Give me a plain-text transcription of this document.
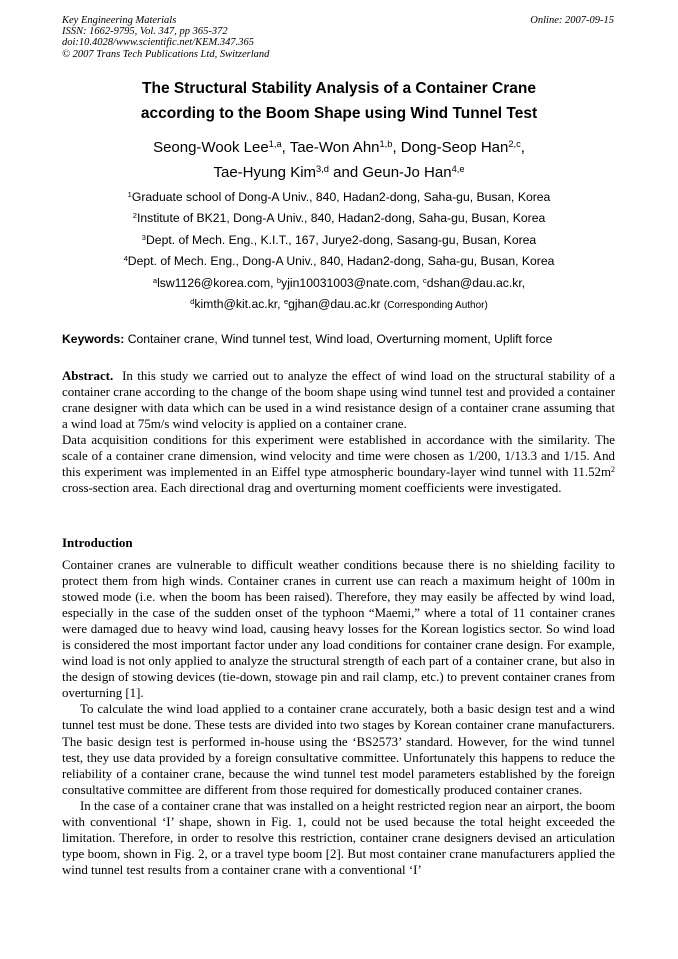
Key Engineering Materials
ISSN: 1662-9795, Vol. 347, pp 365-372
doi:10.4028/www.scientific.net/KEM.347.365
© 2007 Trans Tech Publications Ltd, Switzerland
Online: 2007-09-15
The Structural Stability Analysis of a Container Crane
according to the Boom Shape using Wind Tunnel Test
Seong-Wook Lee$^{1,a}$, Tae-Won Ahn$^{1,b}$, Dong-Seop Han$^{2,c}$,
Tae-Hyung Kim$^{3,d}$ and Geun-Jo Han$^{4,e}$
$^1$Graduate school of Dong-A Univ., 840, Hadan2-dong, Saha-gu, Busan, Korea
$^2$Institute of BK21, Dong-A Univ., 840, Hadan2-dong, Saha-gu, Busan, Korea
$^3$Dept. of Mech. Eng., K.I.T., 167, Jurye2-dong, Sasang-gu, Busan, Korea
$^4$Dept. of Mech. Eng., Dong-A Univ., 840, Hadan2-dong, Saha-gu, Busan, Korea
$^a$lsw1126@korea.com, $^b$yjin10031003@nate.com, $^c$dshan@dau.ac.kr,
$^d$kimth@kit.ac.kr, $^e$gjhan@dau.ac.kr (Corresponding Author)
Keywords: Container crane, Wind tunnel test, Wind load, Overturning moment, Uplift force

Abstract. In this study we carried out to analyze the effect of wind load on the structural stability of a container crane according to the change of the boom shape using wind tunnel test and provided a container crane designer with data which can be used in a wind resistance design of a container crane assuming that a wind load at 75m/s wind velocity is applied on a container crane.

Data acquisition conditions for this experiment were established in accordance with the similarity. The scale of a container crane dimension, wind velocity and time were chosen as 1/200, 1/13.3 and 1/15. And this experiment was implemented in an Eiffel type atmospheric boundary-layer wind tunnel with $11.52m^2$ cross-section area. Each directional drag and overturning moment coefficients were investigated.

Introduction

Container cranes are vulnerable to difficult weather conditions because there is no shielding facility to protect them from high winds. Container cranes in current use can reach a maximum height of 100m in stowed mode (i.e. when the boom has been raised). Therefore, they may easily be affected by wind load, especially in the case of the sudden onset of the typhoon “Maemi,” where a total of 11 container cranes were damaged due to heavy wind load, causing heavy losses for the Korean logistics sector. So wind load is considered the most important factor under any load conditions for container crane design. For example, wind load is not only applied to analyze the structural strength of each part of a container crane, but also in the design of stowing devices (tie-down, stowage pin and rail clamp, etc.) to prevent container cranes from overturning [1].

To calculate the wind load applied to a container crane accurately, both a basic design test and a wind tunnel test must be done. These tests are divided into two stages by Korean container crane manufacturers. The basic design test is performed in-house using the ‘BS2573’ standard. However, for the wind tunnel test, they use data provided by a foreign consultative committee. Unfortunately this happens to reduce the reliability of a container crane, because the wind tunnel test model parameters established by the foreign consultative committee are different from those required for domestically produced container cranes.

In the case of a container crane that was installed on a height restricted region near an airport, the boom with conventional ‘I’ shape, shown in Fig. 1, could not be used because the total height exceeded the limitation. Therefore, in order to resolve this restriction, container crane designers devised an articulation type boom, shown in Fig. 2, or a travel type boom [2]. But most container crane manufacturers applied the wind tunnel test results from a container crane with a conventional ‘I’
